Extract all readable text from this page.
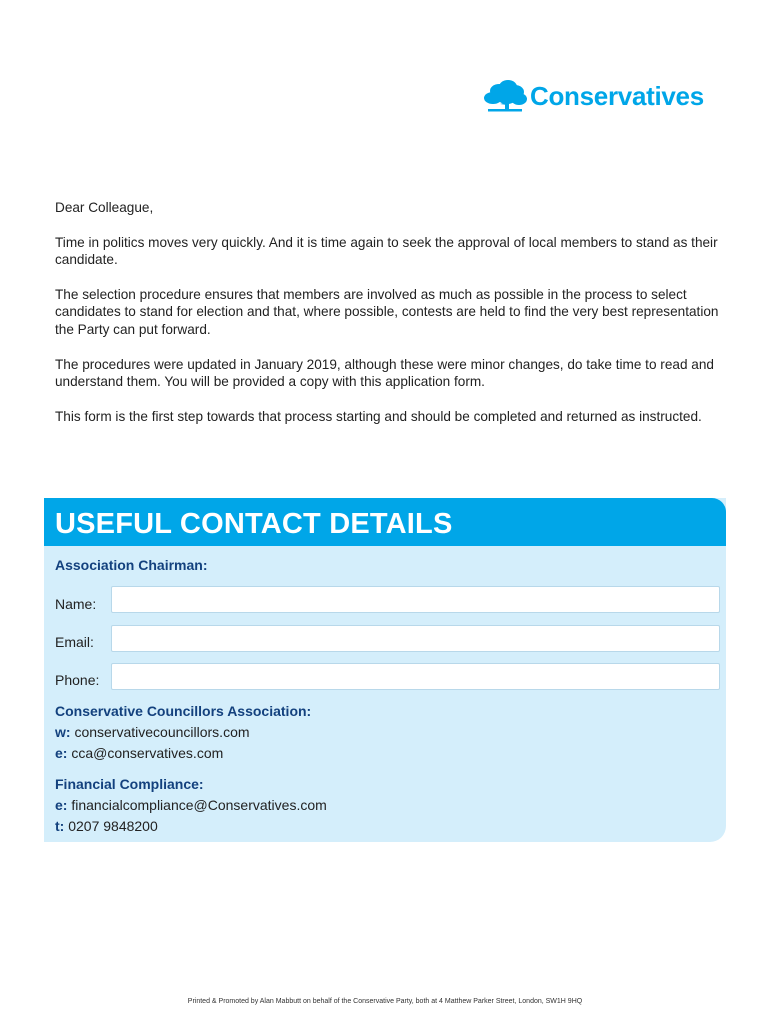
Conservatives

Dear Colleague,

Time in politics moves very quickly. And it is time again to seek the approval of local members to stand as their candidate.

The selection procedure ensures that members are involved as much as possible in the process to select candidates to stand for election and that, where possible, contests are held to find the very best representation the Party can put forward.

The procedures were updated in January 2019, although these were minor changes, do take time to read and understand them. You will be provided a copy with this application form.

This form is the first step towards that process starting and should be completed and returned as instructed.

USEFUL CONTACT DETAILS
Association Chairman:
Name:
Email:
Phone:
Conservative Councillors Association:
w: conservativecouncillors.com
e: cca@conservatives.com
Financial Compliance:
e: financialcompliance@Conservatives.com
t: 0207 9848200
Printed & Promoted by Alan Mabbutt on behalf of the Conservative Party, both at 4 Matthew Parker Street, London, SW1H 9HQ
